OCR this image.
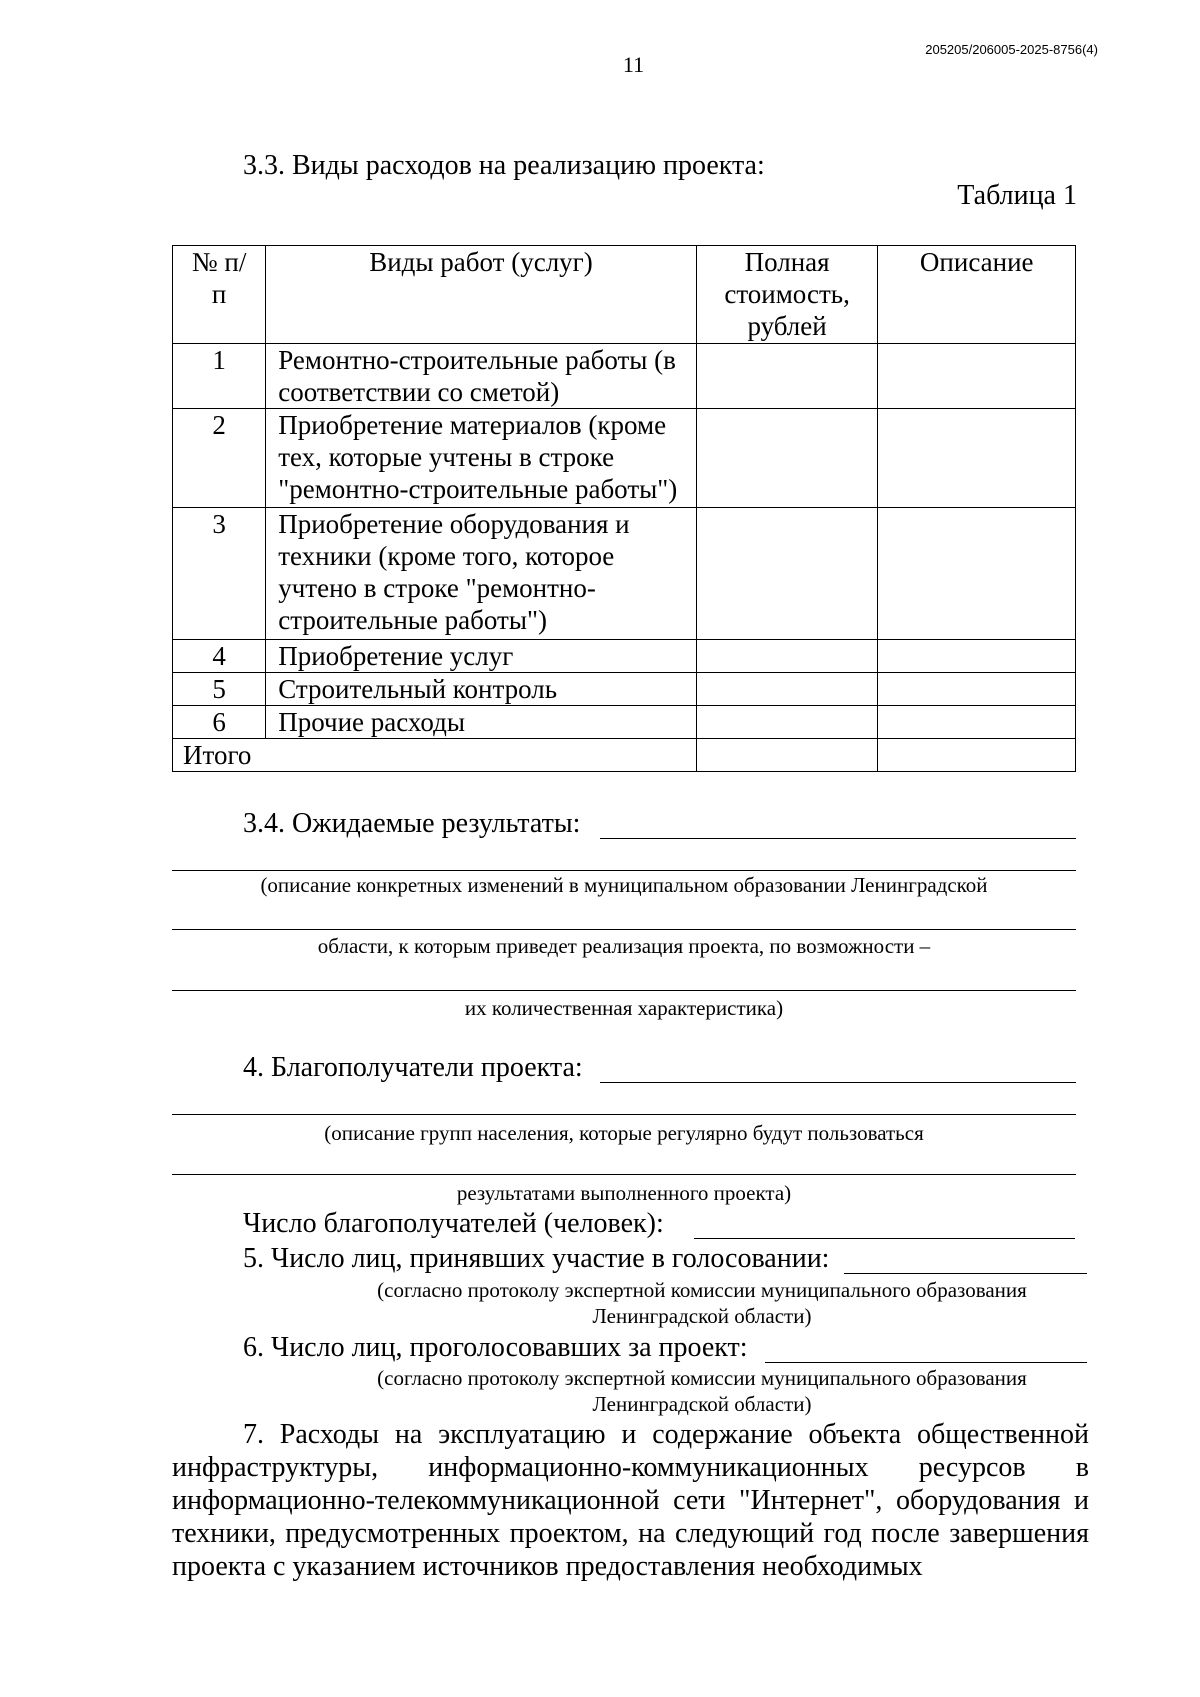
205205/206005-2025-8756(4)
11
3.3. Виды расходов на реализацию проекта:
Таблица 1
№ п/п	Виды работ (услуг)	Полная стоимость, рублей	Описание
1	Ремонтно-строительные работы (в соответствии со сметой)		
2	Приобретение материалов (кроме тех, которые учтены в строке "ремонтно-строительные работы")		
3	Приобретение оборудования и техники (кроме того, которое учтено в строке "ремонтно-строительные работы")		
4	Приобретение услуг		
5	Строительный контроль		
6	Прочие расходы		
Итого			
3.4. Ожидаемые результаты:
(описание конкретных изменений в муниципальном образовании Ленинградской
области, к которым приведет реализация проекта, по возможности –
их количественная характеристика)
4. Благополучатели проекта:
(описание групп населения, которые регулярно будут пользоваться
результатами выполненного проекта)
Число благополучателей (человек):
5. Число лиц, принявших участие в голосовании:
(согласно протоколу экспертной комиссии муниципального образования
Ленинградской области)
6. Число лиц, проголосовавших за проект:
(согласно протоколу экспертной комиссии муниципального образования
Ленинградской области)
7. Расходы на эксплуатацию и содержание объекта общественной инфраструктуры, информационно-коммуникационных ресурсов в информационно-телекоммуникационной сети "Интернет", оборудования и техники, предусмотренных проектом, на следующий год после завершения проекта с указанием источников предоставления необходимых
